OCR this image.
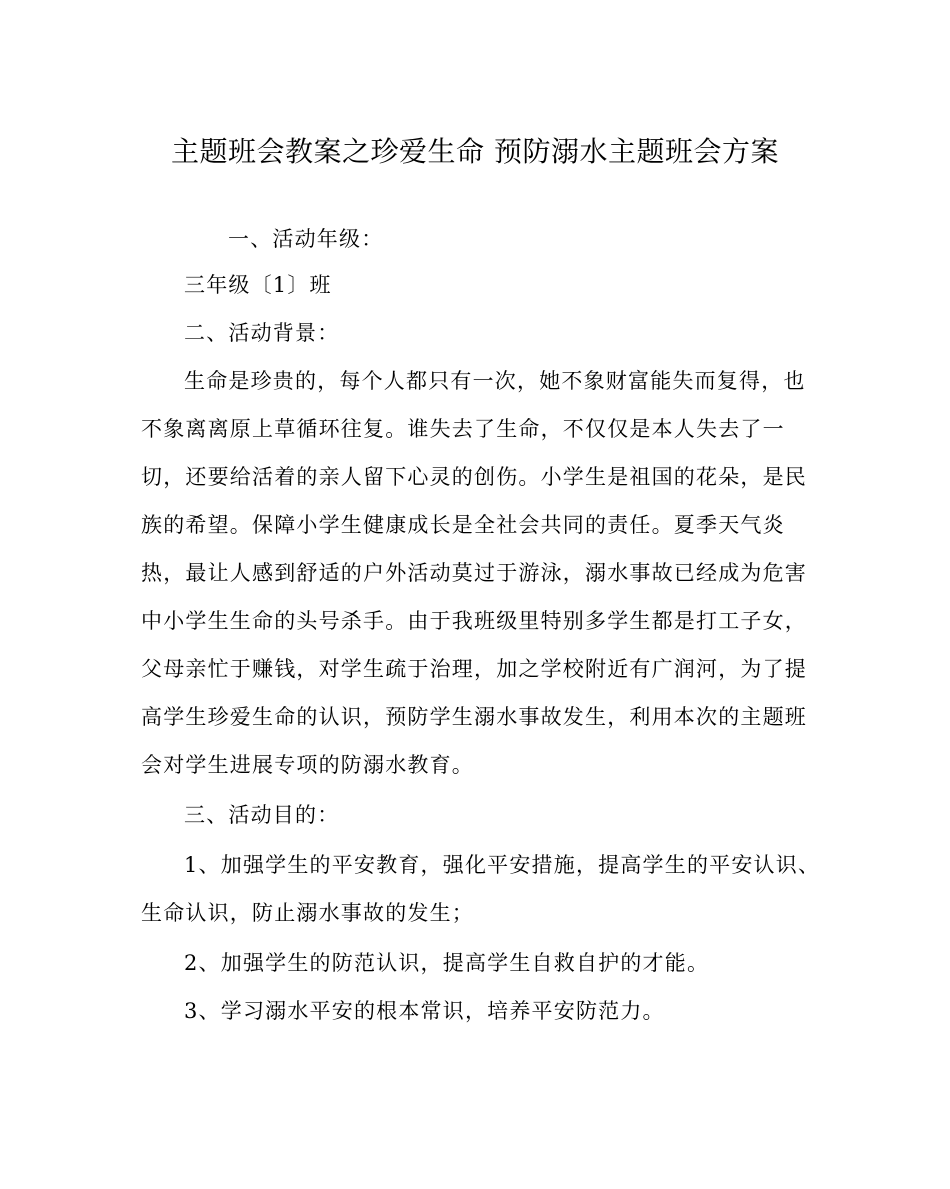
主题班会教案之珍爱生命 预防溺水主题班会方案
一、活动年级：
三年级〔1〕班
二、活动背景：
生命是珍贵的，每个人都只有一次，她不象财富能失而复得，也
不象离离原上草循环往复。谁失去了生命，不仅仅是本人失去了一
切，还要给活着的亲人留下心灵的创伤。小学生是祖国的花朵，是民
族的希望。保障小学生健康成长是全社会共同的责任。夏季天气炎
热，最让人感到舒适的户外活动莫过于游泳，溺水事故已经成为危害
中小学生生命的头号杀手。由于我班级里特别多学生都是打工子女，
父母亲忙于赚钱，对学生疏于治理，加之学校附近有广润河，为了提
高学生珍爱生命的认识，预防学生溺水事故发生，利用本次的主题班
会对学生进展专项的防溺水教育。
三、活动目的：
1、加强学生的平安教育，强化平安措施，提高学生的平安认识、
生命认识，防止溺水事故的发生；
2、加强学生的防范认识，提高学生自救自护的才能。
3、学习溺水平安的根本常识，培养平安防范力。
